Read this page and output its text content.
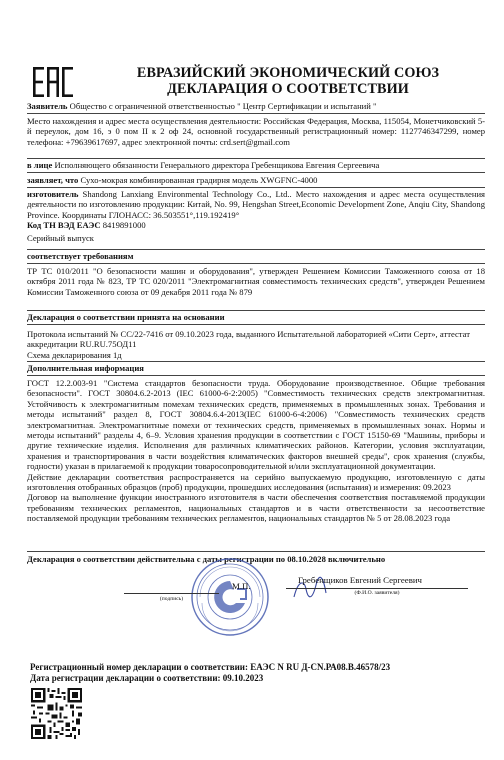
ЕВРАЗИЙСКИЙ ЭКОНОМИЧЕСКИЙ СОЮЗ
ДЕКЛАРАЦИЯ О СООТВЕТСТВИИ

Заявитель Общество с ограниченной ответственностью " Центр Сертификации и испытаний "

Место нахождения и адрес места осуществления деятельности: Российская Федерация, Москва, 115054, Монетчиковский 5-й переулок, дом 16, э 0 пом II к 2 оф 24, основной государственный регистрационный номер: 1127746347299, номер телефона: +79639617697, адрес электронной почты: crd.sert@gmail.com

в лице Исполняющего обязанности Генерального директора Гребенщикова Евгения Сергеевича

заявляет, что Сухо-мокрая комбинированная градирня модель XWGFNC-4000

изготовитель Shandong Lanxiang Environmental Technology Co., Ltd.. Место нахождения и адрес места осуществления деятельности по изготовлению продукции: Китай, No. 99, Hengshan Street,Economic Development Zone, Anqiu City, Shandong Province. Координаты ГЛОНАСС: 36.503551°,119.192419°

Код ТН ВЭД ЕАЭС 8419891000

Серийный выпуск

соответствует требованиям

ТР ТС 010/2011 "О безопасности машин и оборудования", утвержден Решением Комиссии Таможенного союза от 18 октября 2011 года № 823, ТР ТС 020/2011 "Электромагнитная совместимость технических средств", утвержден Решением Комиссии Таможенного союза от 09 декабря 2011 года № 879

Декларация о соответствии принята на основании

Протокола испытаний № СС/22-7416 от 09.10.2023 года, выданного Испытательной лабораторией «Сити Серт», аттестат аккредитации RU.RU.75ОД11

Схема декларирования 1д

Дополнительная информация

ГОСТ 12.2.003-91 "Система стандартов безопасности труда. Оборудование производственное. Общие требования безопасности". ГОСТ 30804.6.2-2013 (IEC 61000-6-2:2005) "Совместимость технических средств электромагнитная. Устойчивость к электромагнитным помехам технических средств, применяемых в промышленных зонах. Требования и методы испытаний" раздел 8, ГОСТ 30804.6.4-2013(IEC 61000-6-4:2006) "Совместимость технических средств электромагнитная. Электромагнитные помехи от технических средств, применяемых в промышленных зонах. Нормы и методы испытаний" разделы 4, 6–9. Условия хранения продукции в соответствии с ГОСТ 15150-69 "Машины, приборы и другие технические изделия. Исполнения для различных климатических районов. Категории, условия эксплуатации, хранения и транспортирования в части воздействия климатических факторов внешней среды", срок хранения (службы, годности) указан в прилагаемой к продукции товаросопроводительной и/или эксплуатационной документации.

Действие декларации соответствия распространяется на серийно выпускаемую продукцию, изготовленную с даты изготовления отобранных образцов (проб) продукции, прошедших исследования (испытания) и измерения: 09.2023

Договор на выполнение функции иностранного изготовителя в части обеспечения соответствия поставляемой продукции требованиям технических регламентов, национальных стандартов и в части ответственности за несоответствие поставляемой продукции требованиям технических регламентов, национальных стандартов № 5 от 28.08.2023 года

Декларация о соответствии действительна с даты регистрации по 08.10.2028 включительно

(подпись)
М.П.
Гребенщиков Евгений Сергеевич
(Ф.И.О. заявителя)
Регистрационный номер декларации о соответствии: ЕАЭС N RU Д-CN.РА08.В.46578/23
Дата регистрации декларации о соответствии: 09.10.2023
